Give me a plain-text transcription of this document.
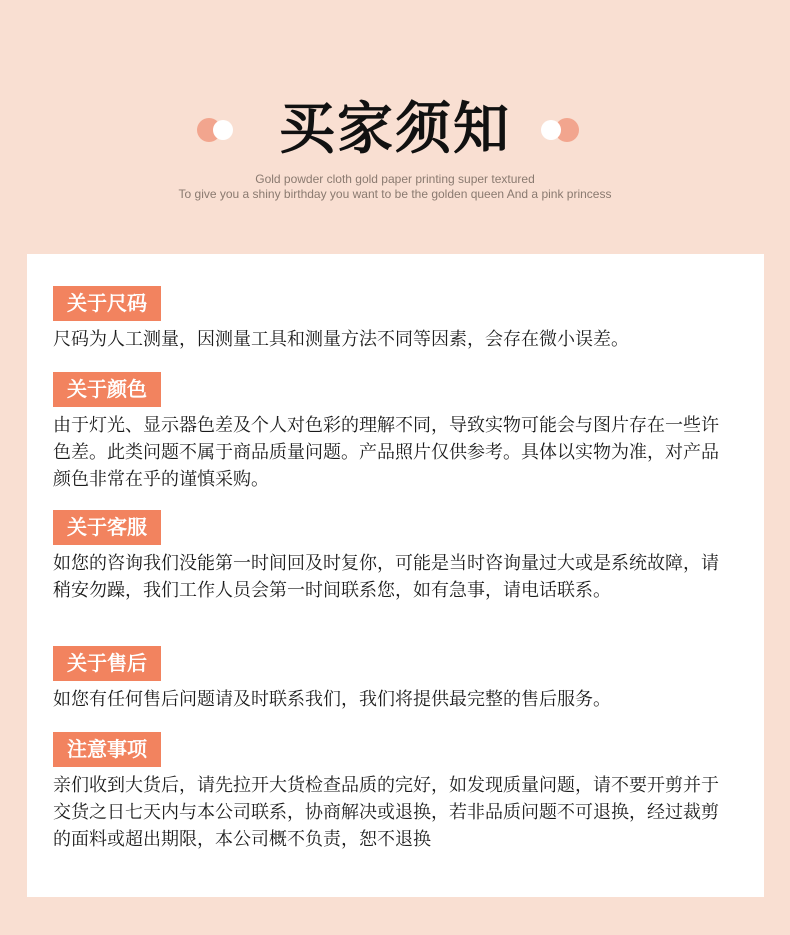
买家须知
Gold powder cloth gold paper printing super textured
To give you a shiny birthday you want to be the golden queen And a pink princess
关于尺码

尺码为人工测量，因测量工具和测量方法不同等因素，会存在微小误差。

关于颜色

由于灯光、显示器色差及个人对色彩的理解不同，导致实物可能会与图片存在一些许色差。此类问题不属于商品质量问题。产品照片仅供参考。具体以实物为准，对产品颜色非常在乎的谨慎采购。

关于客服

如您的咨询我们没能第一时间回及时复你，可能是当时咨询量过大或是系统故障，请稍安勿躁，我们工作人员会第一时间联系您，如有急事，请电话联系。

关于售后

如您有任何售后问题请及时联系我们，我们将提供最完整的售后服务。

注意事项

亲们收到大货后，请先拉开大货检查品质的完好，如发现质量问题，请不要开剪并于交货之日七天内与本公司联系，协商解决或退换，若非品质问题不可退换，经过裁剪的面料或超出期限，本公司概不负责，恕不退换
